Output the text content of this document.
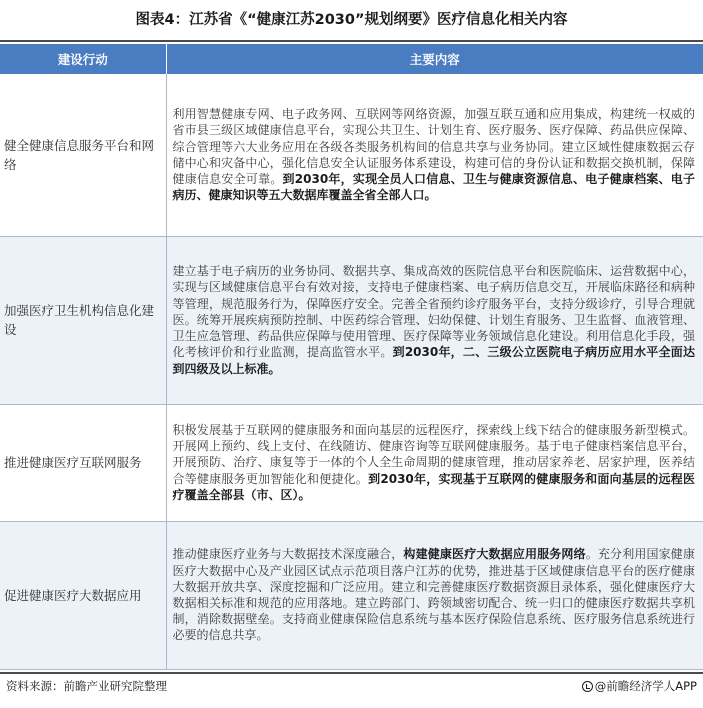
图表4：江苏省《“健康江苏2030”规划纲要》医疗信息化相关内容
建设行动	主要内容
健全健康信息服务平台和网络	利用智慧健康专网、电子政务网、互联网等网络资源，加强互联互通和应用集成，构建统一权威的省市县三级区域健康信息平台，实现公共卫生、计划生育、医疗服务、医疗保障、药品供应保障、综合管理等六大业务应用在各级各类服务机构间的信息共享与业务协同。建立区域性健康数据云存储中心和灾备中心，强化信息安全认证服务体系建设，构建可信的身份认证和数据交换机制，保障健康信息安全可靠。到2030年，实现全员人口信息、卫生与健康资源信息、电子健康档案、电子病历、健康知识等五大数据库覆盖全省全部人口。
加强医疗卫生机构信息化建设	建立基于电子病历的业务协同、数据共享、集成高效的医院信息平台和医院临床、运营数据中心，实现与区域健康信息平台有效对接，支持电子健康档案、电子病历信息交互，开展临床路径和病种等管理，规范服务行为，保障医疗安全。完善全省预约诊疗服务平台，支持分级诊疗，引导合理就医。统筹开展疾病预防控制、中医药综合管理、妇幼保健、计划生育服务、卫生监督、血液管理、卫生应急管理、药品供应保障与使用管理、医疗保障等业务领域信息化建设。利用信息化手段，强化考核评价和行业监测，提高监管水平。到2030年，二、三级公立医院电子病历应用水平全面达到四级及以上标准。
推进健康医疗互联网服务	积极发展基于互联网的健康服务和面向基层的远程医疗，探索线上线下结合的健康服务新型模式。开展网上预约、线上支付、在线随访、健康咨询等互联网健康服务。基于电子健康档案信息平台，开展预防、治疗、康复等于一体的个人全生命周期的健康管理，推动居家养老、居家护理，医养结合等健康服务更加智能化和便捷化。到2030年，实现基于互联网的健康服务和面向基层的远程医疗覆盖全部县（市、区）。
促进健康医疗大数据应用	推动健康医疗业务与大数据技术深度融合，构建健康医疗大数据应用服务网络。充分利用国家健康医疗大数据中心及产业园区试点示范项目落户江苏的优势，推进基于区域健康信息平台的医疗健康大数据开放共享、深度挖掘和广泛应用。建立和完善健康医疗数据资源目录体系，强化健康医疗大数据相关标准和规范的应用落地。建立跨部门、跨领域密切配合、统一归口的健康医疗数据共享机制，消除数据壁垒。支持商业健康保险信息系统与基本医疗保险信息系统、医疗服务信息系统进行必要的信息共享。
资料来源：前瞻产业研究院整理	@前瞻经济学人APP
